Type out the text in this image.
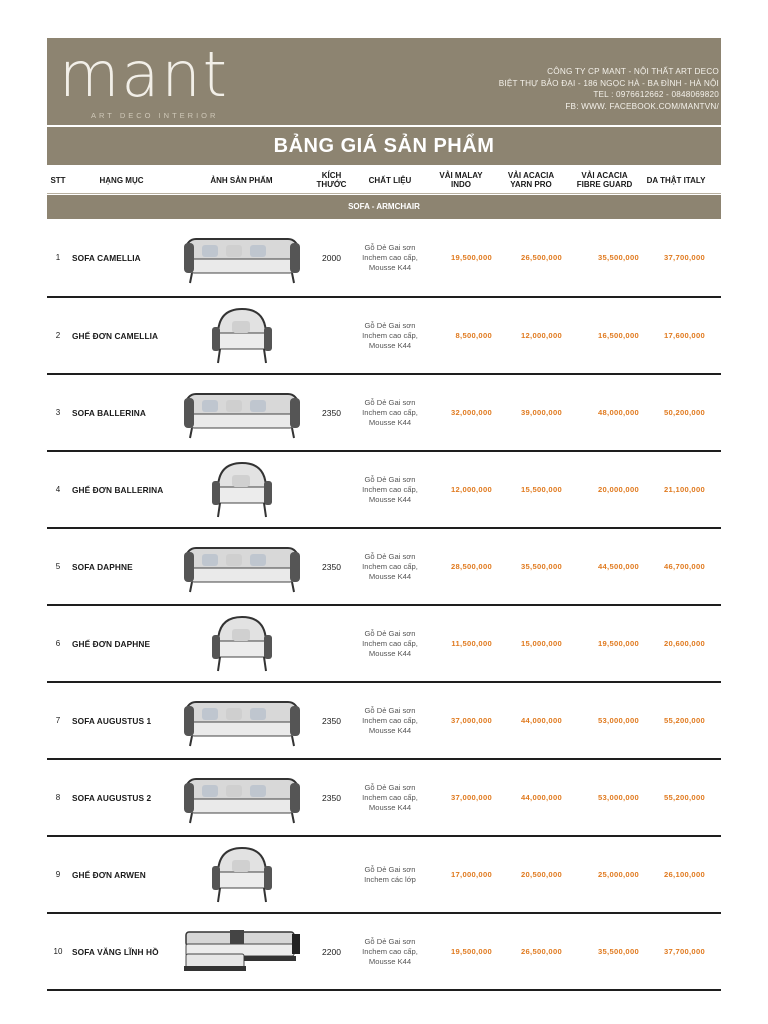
mant
ART DECO INTERIOR
CÔNG TY CP MANT - NỘI THẤT ART DECO
BIỆT THỰ BẢO ĐẠI - 186 NGỌC HÀ - BA ĐÌNH - HÀ NỘI
TEL : 0976612662 - 0848069820
FB: WWW. FACEBOOK.COM/MANTVN/
BẢNG GIÁ SẢN PHẨM
STT	HẠNG MỤC	ẢNH SẢN PHẨM	KÍCH
THƯỚC	CHẤT LIỆU	VẢI MALAY
INDO
VẢI ACACIA
YARN PRO
VẢI ACACIA
FIBRE GUARD	DA THẬT ITALY
SOFA - ARMCHAIR
1	SOFA CAMELLIA	2000
Gỗ Dẻ Gai sơn
Inchem cao cấp,
Mousse K44
19,500,000	26,500,000	35,500,000	37,700,000
2	GHẾ ĐƠN CAMELLIA
Gỗ Dẻ Gai sơn
Inchem cao cấp,
Mousse K44
8,500,000	12,000,000	16,500,000	17,600,000
3	SOFA BALLERINA	2350
Gỗ Dẻ Gai sơn
Inchem cao cấp,
Mousse K44
32,000,000	39,000,000	48,000,000	50,200,000
4	GHẾ ĐƠN BALLERINA
Gỗ Dẻ Gai sơn
Inchem cao cấp,
Mousse K44
12,000,000	15,500,000	20,000,000	21,100,000
5	SOFA DAPHNE	2350
Gỗ Dẻ Gai sơn
Inchem cao cấp,
Mousse K44
28,500,000	35,500,000	44,500,000	46,700,000
6	GHẾ ĐƠN DAPHNE
Gỗ Dẻ Gai sơn
Inchem cao cấp,
Mousse K44
11,500,000	15,000,000	19,500,000	20,600,000
7	SOFA AUGUSTUS 1	2350
Gỗ Dẻ Gai sơn
Inchem cao cấp,
Mousse K44
37,000,000	44,000,000	53,000,000	55,200,000
8	SOFA AUGUSTUS 2	2350
Gỗ Dẻ Gai sơn
Inchem cao cấp,
Mousse K44
37,000,000	44,000,000	53,000,000	55,200,000
9	GHẾ ĐƠN ARWEN
Gỗ Dẻ Gai sơn
Inchem các lớp	17,000,000	20,500,000	25,000,000	26,100,000
10	SOFA VĂNG LĨNH HỒ	2200
Gỗ Dẻ Gai sơn
Inchem cao cấp,
Mousse K44
19,500,000	26,500,000	35,500,000	37,700,000
